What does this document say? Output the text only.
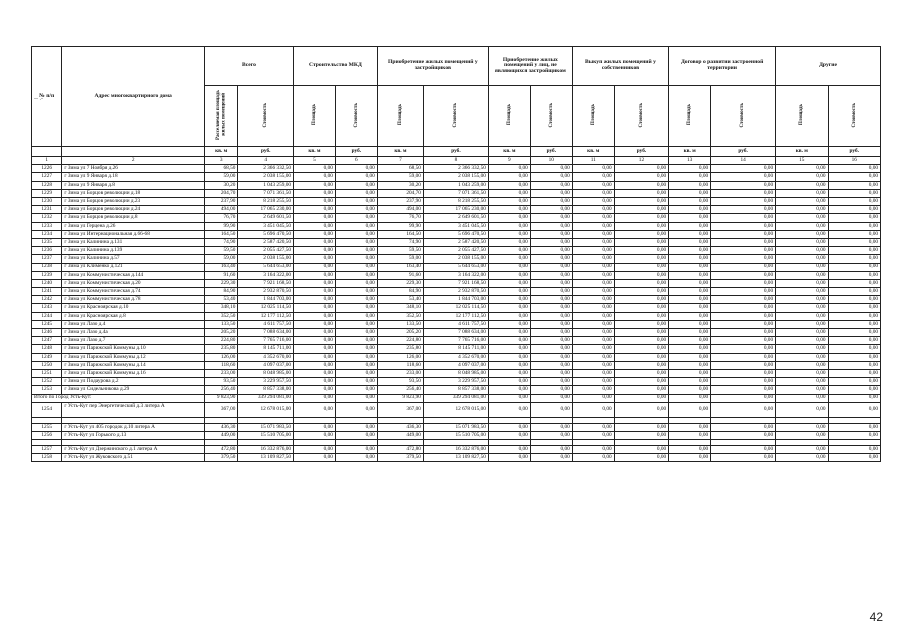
-- .-
№ п/п	Адрес многоквартирного дома	Всего		Строительство МКД		Приобретение жилых помещений у застройщиков		Приобретение жилых помещений у лиц, не являющихся застройщиком		Выкуп жилых помещений у собственников		Договор о развитии застроенной территории		Другие	
		Расселяемая площадь жилых помещений	Стоимость	Площадь	Стоимость	Площадь	Стоимость	Площадь	Стоимость	Площадь	Стоимость	Площадь	Стоимость	Площадь	Стоимость
		кв. м	руб.	кв. м	руб.	кв. м	руб.	кв. м	руб.	кв. м	руб.	кв. м	руб.	кв. м	руб.
1	2	3	4	5	6	7	8	9	10	11	12	13	14	15	16
1226	г Зима ул 7 Ноября д.26	68,50	2 366 332,50	0,00	0,00	68,50	2 366 332,50	0,00	0,00	0,00	0,00	0,00	0,00	0,00	0,00
1227	г Зима ул 9 Января д.18	59,00	2 038 155,00	0,00	0,00	59,00	2 038 155,00	0,00	0,00	0,00	0,00	0,00	0,00	0,00	0,00
1228	г Зима ул 9 Января д.8	30,20	1 043 259,00	0,00	0,00	30,20	1 043 259,00	0,00	0,00	0,00	0,00	0,00	0,00	0,00	0,00
1229	г Зима ул Борцов революции д.18	204,70	7 071 361,50	0,00	0,00	204,70	7 071 361,50	0,00	0,00	0,00	0,00	0,00	0,00	0,00	0,00
1230	г Зима ул Борцов революции д.23	237,90	8 218 255,50	0,00	0,00	237,90	8 218 255,50	0,00	0,00	0,00	0,00	0,00	0,00	0,00	0,00
1231	г Зима ул Борцов революции д.24	494,00	17 065 230,00	0,00	0,00	494,00	17 065 230,00	0,00	0,00	0,00	0,00	0,00	0,00	0,00	0,00
1232	г Зима ул Борцов революции д.8	76,70	2 649 601,50	0,00	0,00	76,70	2 649 601,50	0,00	0,00	0,00	0,00	0,00	0,00	0,00	0,00
1233	г Зима ул Герцена д.26	99,90	3 451 045,50	0,00	0,00	99,90	3 451 045,50	0,00	0,00	0,00	0,00	0,00	0,00	0,00	0,00
1234	г Зима ул Интернациональная д.66-68	164,50	5 696 470,50	0,00	0,00	164,50	5 696 470,50	0,00	0,00	0,00	0,00	0,00	0,00	0,00	0,00
1235	г Зима ул Калинина д.131	74,90	2 587 420,50	0,00	0,00	74,90	2 587 420,50	0,00	0,00	0,00	0,00	0,00	0,00	0,00	0,00
1236	г Зима ул Калинина д.139	59,50	2 055 427,50	0,00	0,00	59,50	2 055 427,50	0,00	0,00	0,00	0,00	0,00	0,00	0,00	0,00
1237	г Зима ул Калинина д.57	59,00	2 038 155,00	0,00	0,00	59,00	2 038 155,00	0,00	0,00	0,00	0,00	0,00	0,00	0,00	0,00
1238	г Зима ул Клименко д.121	163,40	5 644 653,00	0,00	0,00	163,40	5 644 653,00	0,00	0,00	0,00	0,00	0,00	0,00	0,00	0,00
1239	г Зима ул Коммунистическая д.144	91,60	3 164 322,00	0,00	0,00	91,60	3 164 322,00	0,00	0,00	0,00	0,00	0,00	0,00	0,00	0,00
1240	г Зима ул Коммунистическая д.20	229,30	7 921 168,50	0,00	0,00	229,30	7 921 168,50	0,00	0,00	0,00	0,00	0,00	0,00	0,00	0,00
1241	г Зима ул Коммунистическая д.74	84,90	2 932 870,50	0,00	0,00	84,90	2 932 870,50	0,00	0,00	0,00	0,00	0,00	0,00	0,00	0,00
1242	г Зима ул Коммунистическая д.78	53,40	1 844 703,00	0,00	0,00	53,40	1 844 703,00	0,00	0,00	0,00	0,00	0,00	0,00	0,00	0,00
1243	г Зима ул Красноярская д.10	348,10	12 025 114,50	0,00	0,00	348,10	12 025 114,50	0,00	0,00	0,00	0,00	0,00	0,00	0,00	0,00
1244	г Зима ул Красноярская д.8	352,50	12 177 112,50	0,00	0,00	352,50	12 177 112,50	0,00	0,00	0,00	0,00	0,00	0,00	0,00	0,00
1245	г Зима ул Лазо д.4	133,50	4 611 757,50	0,00	0,00	133,50	4 611 757,50	0,00	0,00	0,00	0,00	0,00	0,00	0,00	0,00
1246	г Зима ул Лазо д.4а	205,20	7 088 634,00	0,00	0,00	205,20	7 088 634,00	0,00	0,00	0,00	0,00	0,00	0,00	0,00	0,00
1247	г Зима ул Лазо д.7	224,80	7 765 716,00	0,00	0,00	224,80	7 765 716,00	0,00	0,00	0,00	0,00	0,00	0,00	0,00	0,00
1248	г Зима ул Парижской Коммуны д.10	235,80	8 145 711,00	0,00	0,00	235,80	8 145 711,00	0,00	0,00	0,00	0,00	0,00	0,00	0,00	0,00
1249	г Зима ул Парижской Коммуны д.12	126,00	4 352 670,00	0,00	0,00	126,00	4 352 670,00	0,00	0,00	0,00	0,00	0,00	0,00	0,00	0,00
1250	г Зима ул Парижской Коммуны д.14	118,60	4 097 037,00	0,00	0,00	118,60	4 097 037,00	0,00	0,00	0,00	0,00	0,00	0,00	0,00	0,00
1251	г Зима ул Парижской Коммуны д.16	233,00	8 048 985,00	0,00	0,00	233,00	8 048 985,00	0,00	0,00	0,00	0,00	0,00	0,00	0,00	0,00
1252	г Зима ул Подаурова д.2	93,50	3 229 957,50	0,00	0,00	93,50	3 229 957,50	0,00	0,00	0,00	0,00	0,00	0,00	0,00	0,00
1253	г Зима ул Сидельникова д.29	256,40	8 857 338,00	0,00	0,00	256,40	8 857 338,00	0,00	0,00	0,00	0,00	0,00	0,00	0,00	0,00
Итого по Город Усть-Кут:		9 823,90	339 294 081,00	0,00	0,00	9 823,90	339 294 081,00	0,00	0,00	0,00	0,00	0,00	0,00	0,00	0,00
1254	г Усть-Кут пер Энергетический д.3 литера А	367,00	12 678 015,00	0,00	0,00	367,00	12 678 015,00	0,00	0,00	0,00	0,00	0,00	0,00	0,00	0,00

1255	г Усть-Кут ул 405 городок д.10 литера А	436,30	15 071 983,50	0,00	0,00	436,30	15 071 983,50	0,00	0,00	0,00	0,00	0,00	0,00	0,00	0,00
1256	г Усть-Кут ул Горького д.13	449,00	15 510 705,00	0,00	0,00	449,00	15 510 705,00	0,00	0,00	0,00	0,00	0,00	0,00	0,00	0,00

1257	г Усть-Кут ул Дзержинского д.1 литера А	472,80	16 332 876,00	0,00	0,00	472,80	16 332 876,00	0,00	0,00	0,00	0,00	0,00	0,00	0,00	0,00
1258	г Усть-Кут ул Жуковского д.51	379,50	13 109 827,50	0,00	0,00	379,50	13 109 827,50	0,00	0,00	0,00	0,00	0,00	0,00	0,00	0,00
42
